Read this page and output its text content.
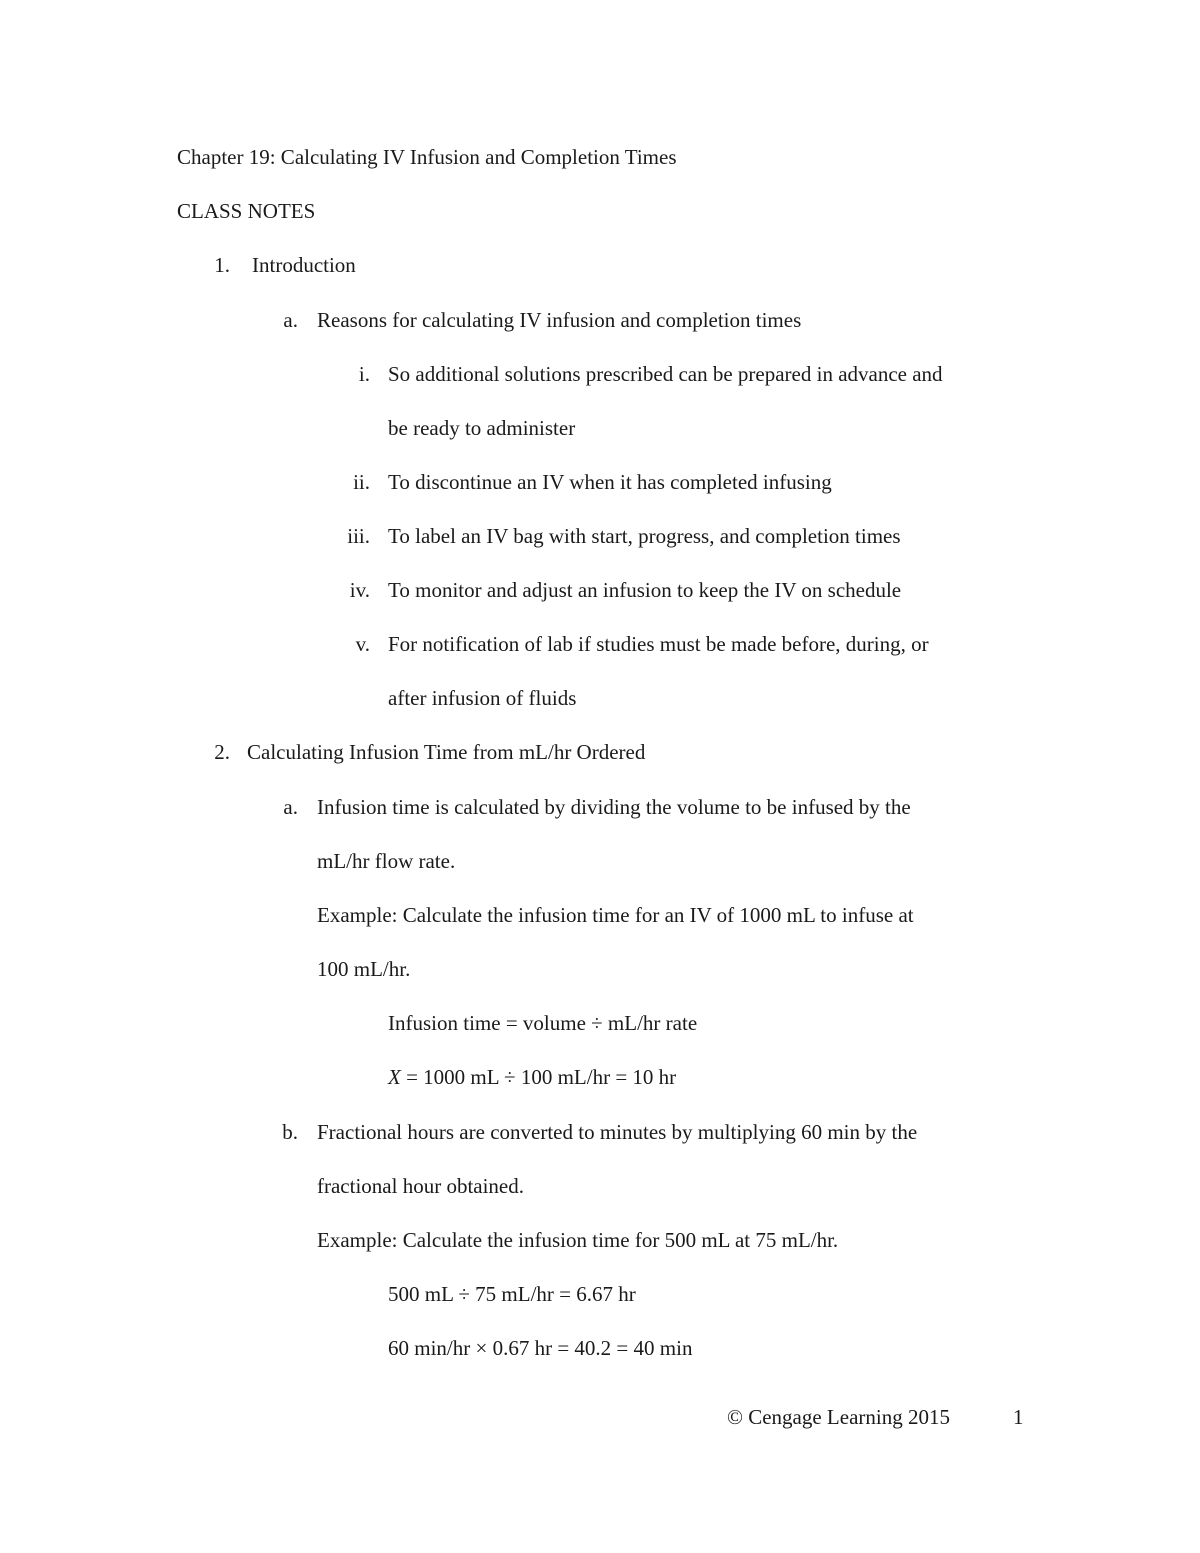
Chapter 19: Calculating IV Infusion and Completion Times
CLASS NOTES
1. Introduction
a. Reasons for calculating IV infusion and completion times
i. So additional solutions prescribed can be prepared in advance and
be ready to administer
ii. To discontinue an IV when it has completed infusing
iii. To label an IV bag with start, progress, and completion times
iv. To monitor and adjust an infusion to keep the IV on schedule
v. For notification of lab if studies must be made before, during, or
after infusion of fluids
2. Calculating Infusion Time from mL/hr Ordered
a. Infusion time is calculated by dividing the volume to be infused by the
mL/hr flow rate.
Example: Calculate the infusion time for an IV of 1000 mL to infuse at
100 mL/hr.
Infusion time = volume ÷ mL/hr rate
X = 1000 mL ÷ 100 mL/hr = 10 hr
b. Fractional hours are converted to minutes by multiplying 60 min by the
fractional hour obtained.
Example: Calculate the infusion time for 500 mL at 75 mL/hr.
500 mL ÷ 75 mL/hr = 6.67 hr
60 min/hr × 0.67 hr = 40.2 = 40 min
© Cengage Learning 2015	1
